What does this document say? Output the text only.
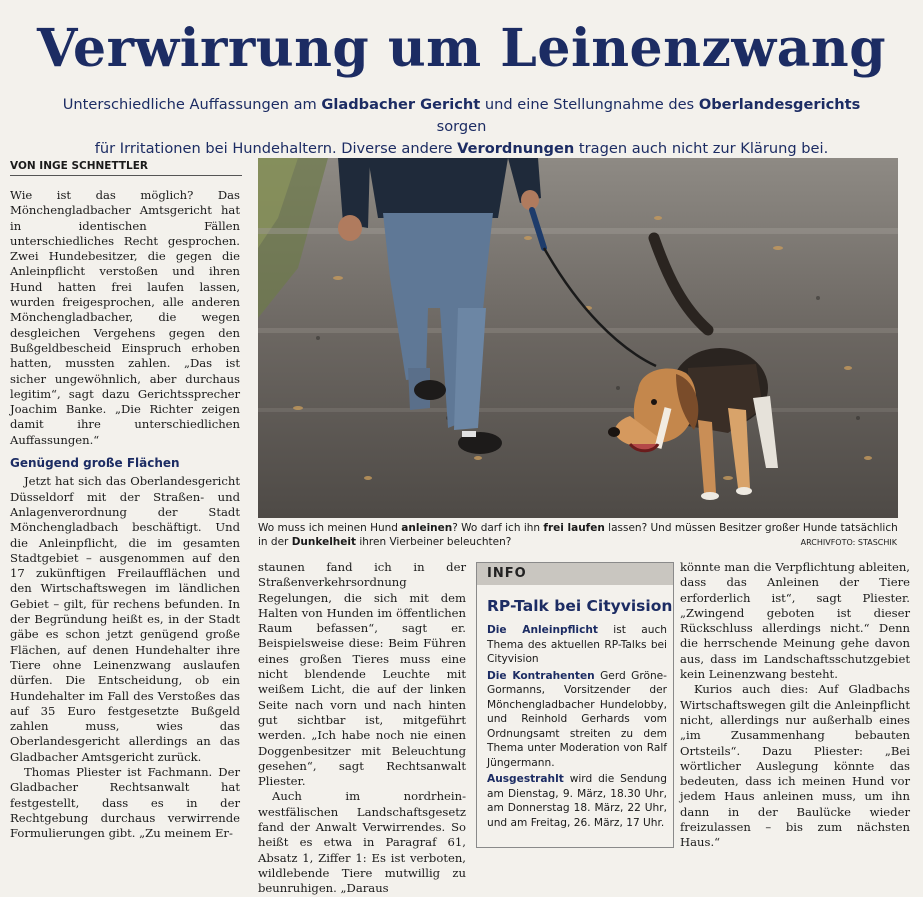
Verwirrung um Leinenzwang
Unterschiedliche Auffassungen am Gladbacher Gericht und eine Stellungnahme des Oberlandesgerichts sorgen
für Irritationen bei Hundehaltern. Diverse andere Verordnungen tragen auch nicht zur Klärung bei.
VON INGE SCHNETTLER

Wie ist das möglich? Das Mönchengladbacher Amtsgericht hat in identischen Fällen unterschiedliches Recht gesprochen. Zwei Hundebesitzer, die gegen die Anleinpflicht verstoßen und ihren Hund hatten frei laufen lassen, wurden freigesprochen, alle anderen Mönchengladbacher, die wegen desgleichen Vergehens gegen den Bußgeldbescheid Einspruch erhoben hatten, mussten zahlen. „Das ist sicher ungewöhnlich, aber durchaus legitim“, sagt dazu Gerichtssprecher Joachim Banke. „Die Richter zeigen damit ihre unterschiedlichen Auffassungen.“

Genügend große Flächen

Jetzt hat sich das Oberlandesgericht Düsseldorf mit der Straßen- und Anlagenverordnung der Stadt Mönchengladbach beschäftigt. Und die Anleinpflicht, die im gesamten Stadtgebiet – ausgenommen auf den 17 zukünftigen Freilaufflächen und den Wirtschaftswegen im ländlichen Gebiet – gilt, für rechens befunden. In der Begründung heißt es, in der Stadt gäbe es schon jetzt genügend große Flächen, auf denen Hundehalter ihre Tiere ohne Leinenzwang auslaufen dürfen. Die Entscheidung, ob ein Hundehalter im Fall des Verstoßes das auf 35 Euro festgesetzte Bußgeld zahlen muss, wies das Oberlandesgericht allerdings an das Gladbacher Amtsgericht zurück.

Thomas Pliester ist Fachmann. Der Gladbacher Rechtsanwalt hat festgestellt, dass es in der Rechtgebung durchaus verwirrende Formulierungen gibt. „Zu meinem Er-

Wo muss ich meinen Hund anleinen? Wo darf ich ihn frei laufen lassen? Und müssen Besitzer großer Hunde tatsächlich in der Dunkelheit ihren Vierbeiner beleuchten?	ARCHIVFOTO: STASCHIK

staunen fand ich in der Straßenverkehrsordnung Regelungen, die sich mit dem Halten von Hunden im öffentlichen Raum befassen“, sagt er. Beispielsweise diese: Beim Führen eines großen Tieres muss eine nicht blendende Leuchte mit weißem Licht, die auf der linken Seite nach vorn und nach hinten gut sichtbar ist, mitgeführt werden. „Ich habe noch nie einen Doggenbesitzer mit Beleuchtung gesehen“, sagt Rechtsanwalt Pliester.

Auch im nordrhein-westfälischen Landschaftsgesetz fand der Anwalt Verwirrendes. So heißt es etwa in Paragraf 61, Absatz 1, Ziffer 1: Es ist verboten, wildlebende Tiere mutwillig zu beunruhigen. „Daraus

INFO
RP-Talk bei Cityvision

Die Anleinpflicht ist auch Thema des aktuellen RP-Talks bei Cityvision

Die Kontrahenten Gerd Gröne-Gormanns, Vorsitzender der Mönchengladbacher Hundelobby, und Reinhold Gerhards vom Ordnungsamt streiten zu dem Thema unter Moderation von Ralf Jüngermann.

Ausgestrahlt wird die Sendung am Dienstag, 9. März, 18.30 Uhr, am Donnerstag 18. März, 22 Uhr, und am Freitag, 26. März, 17 Uhr.

könnte man die Verpflichtung ableiten, dass das Anleinen der Tiere erforderlich ist“, sagt Pliester. „Zwingend geboten ist dieser Rückschluss allerdings nicht.“ Denn die herrschende Meinung gehe davon aus, dass im Landschaftsschutzgebiet kein Leinenzwang besteht.

Kurios auch dies: Auf Gladbachs Wirtschaftswegen gilt die Anleinpflicht nicht, allerdings nur außerhalb eines „im Zusammenhang bebauten Ortsteils“. Dazu Pliester: „Bei wörtlicher Auslegung könnte das bedeuten, dass ich meinen Hund vor jedem Haus anleinen muss, um ihn dann in der Baulücke wieder freizulassen – bis zum nächsten Haus.“
